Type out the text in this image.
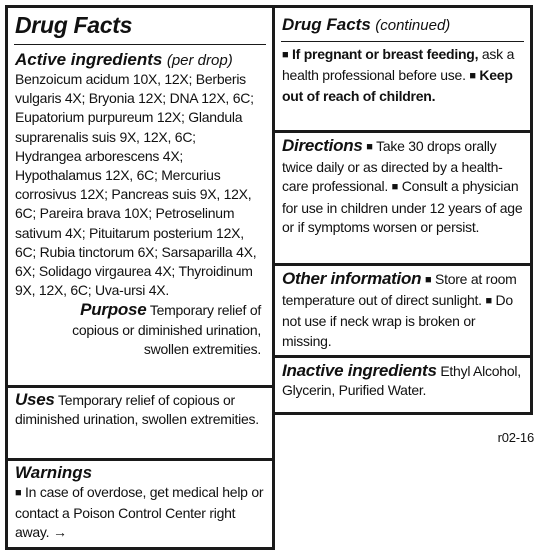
Drug Facts
Active ingredients (per drop)
Benzoicum acidum 10X, 12X; Berberis vulgaris 4X; Bryonia 12X; DNA 12X, 6C; Eupatorium purpureum 12X; Glandula suprarenalis suis 9X, 12X, 6C; Hydrangea arborescens 4X; Hypothalamus 12X, 6C; Mercurius corrosivus 12X; Pancreas suis 9X, 12X, 6C; Pareira brava 10X; Petroselinum sativum 4X; Pituitarum posterium 12X, 6C; Rubia tinctorum 6X; Sarsaparilla 4X, 6X; Solidago virgaurea 4X; Thyroidinum 9X, 12X, 6C; Uva-ursi 4X.
Purpose Temporary relief of copious or diminished urination, swollen extremities.
Uses Temporary relief of copious or diminished urination, swollen extremities.
Warnings
■ In case of overdose, get medical help or contact a Poison Control Center right away. →
Drug Facts (continued)
■ If pregnant or breast feeding, ask a health professional before use. ■ Keep out of reach of children.
Directions ■ Take 30 drops orally twice daily or as directed by a health-care professional. ■ Consult a physician for use in children under 12 years of age or if symptoms worsen or persist.
Other information ■ Store at room temperature out of direct sunlight. ■ Do not use if neck wrap is broken or missing.
Inactive ingredients Ethyl Alcohol, Glycerin, Purified Water.
r02-16
